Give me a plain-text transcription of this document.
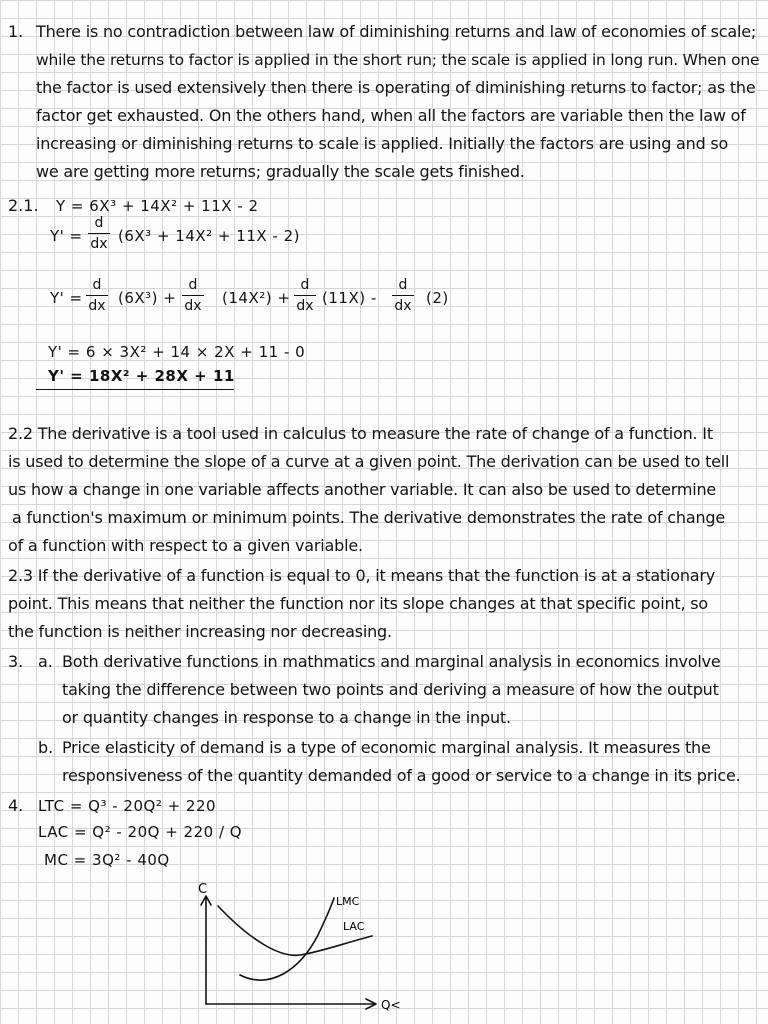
1. There is no contradiction between law of diminishing returns and law of economies of scale;
while the returns to factor is applied in the short run; the scale is applied in long run. When one
the factor is used extensively then there is operating of diminishing returns to factor; as the
factor get exhausted. On the others hand, when all the factors are variable then the law of
increasing or diminishing returns to scale is applied. Initially the factors are using and so
we are getting more returns; gradually the scale gets finished.
2.1. Y = 6X³ + 14X² + 11X - 2
Y' =
d
dx (6X³ + 14X² + 11X - 2)
Y' =
d
dx (6X³) +
d
dx (14X²) +
d
dx (11X) -
d
dx (2)
Y' = 6 × 3X² + 14 × 2X + 11 - 0
Y' = 18X² + 28X + 11
2.2 The derivative is a tool used in calculus to measure the rate of change of a function. It
is used to determine the slope of a curve at a given point. The derivation can be used to tell
us how a change in one variable affects another variable. It can also be used to determine
a function's maximum or minimum points. The derivative demonstrates the rate of change
of a function with respect to a given variable.
2.3 If the derivative of a function is equal to 0, it means that the function is at a stationary
point. This means that neither the function nor its slope changes at that specific point, so
the function is neither increasing nor decreasing.
3. a. Both derivative functions in mathmatics and marginal analysis in economics involve
taking the difference between two points and deriving a measure of how the output
or quantity changes in response to a change in the input.
b. Price elasticity of demand is a type of economic marginal analysis. It measures the
responsiveness of the quantity demanded of a good or service to a change in its price.
4. LTC = Q³ - 20Q² + 220
LAC = Q² - 20Q + 220 / Q
MC = 3Q² - 40Q
C
Q<
LMC
LAC
